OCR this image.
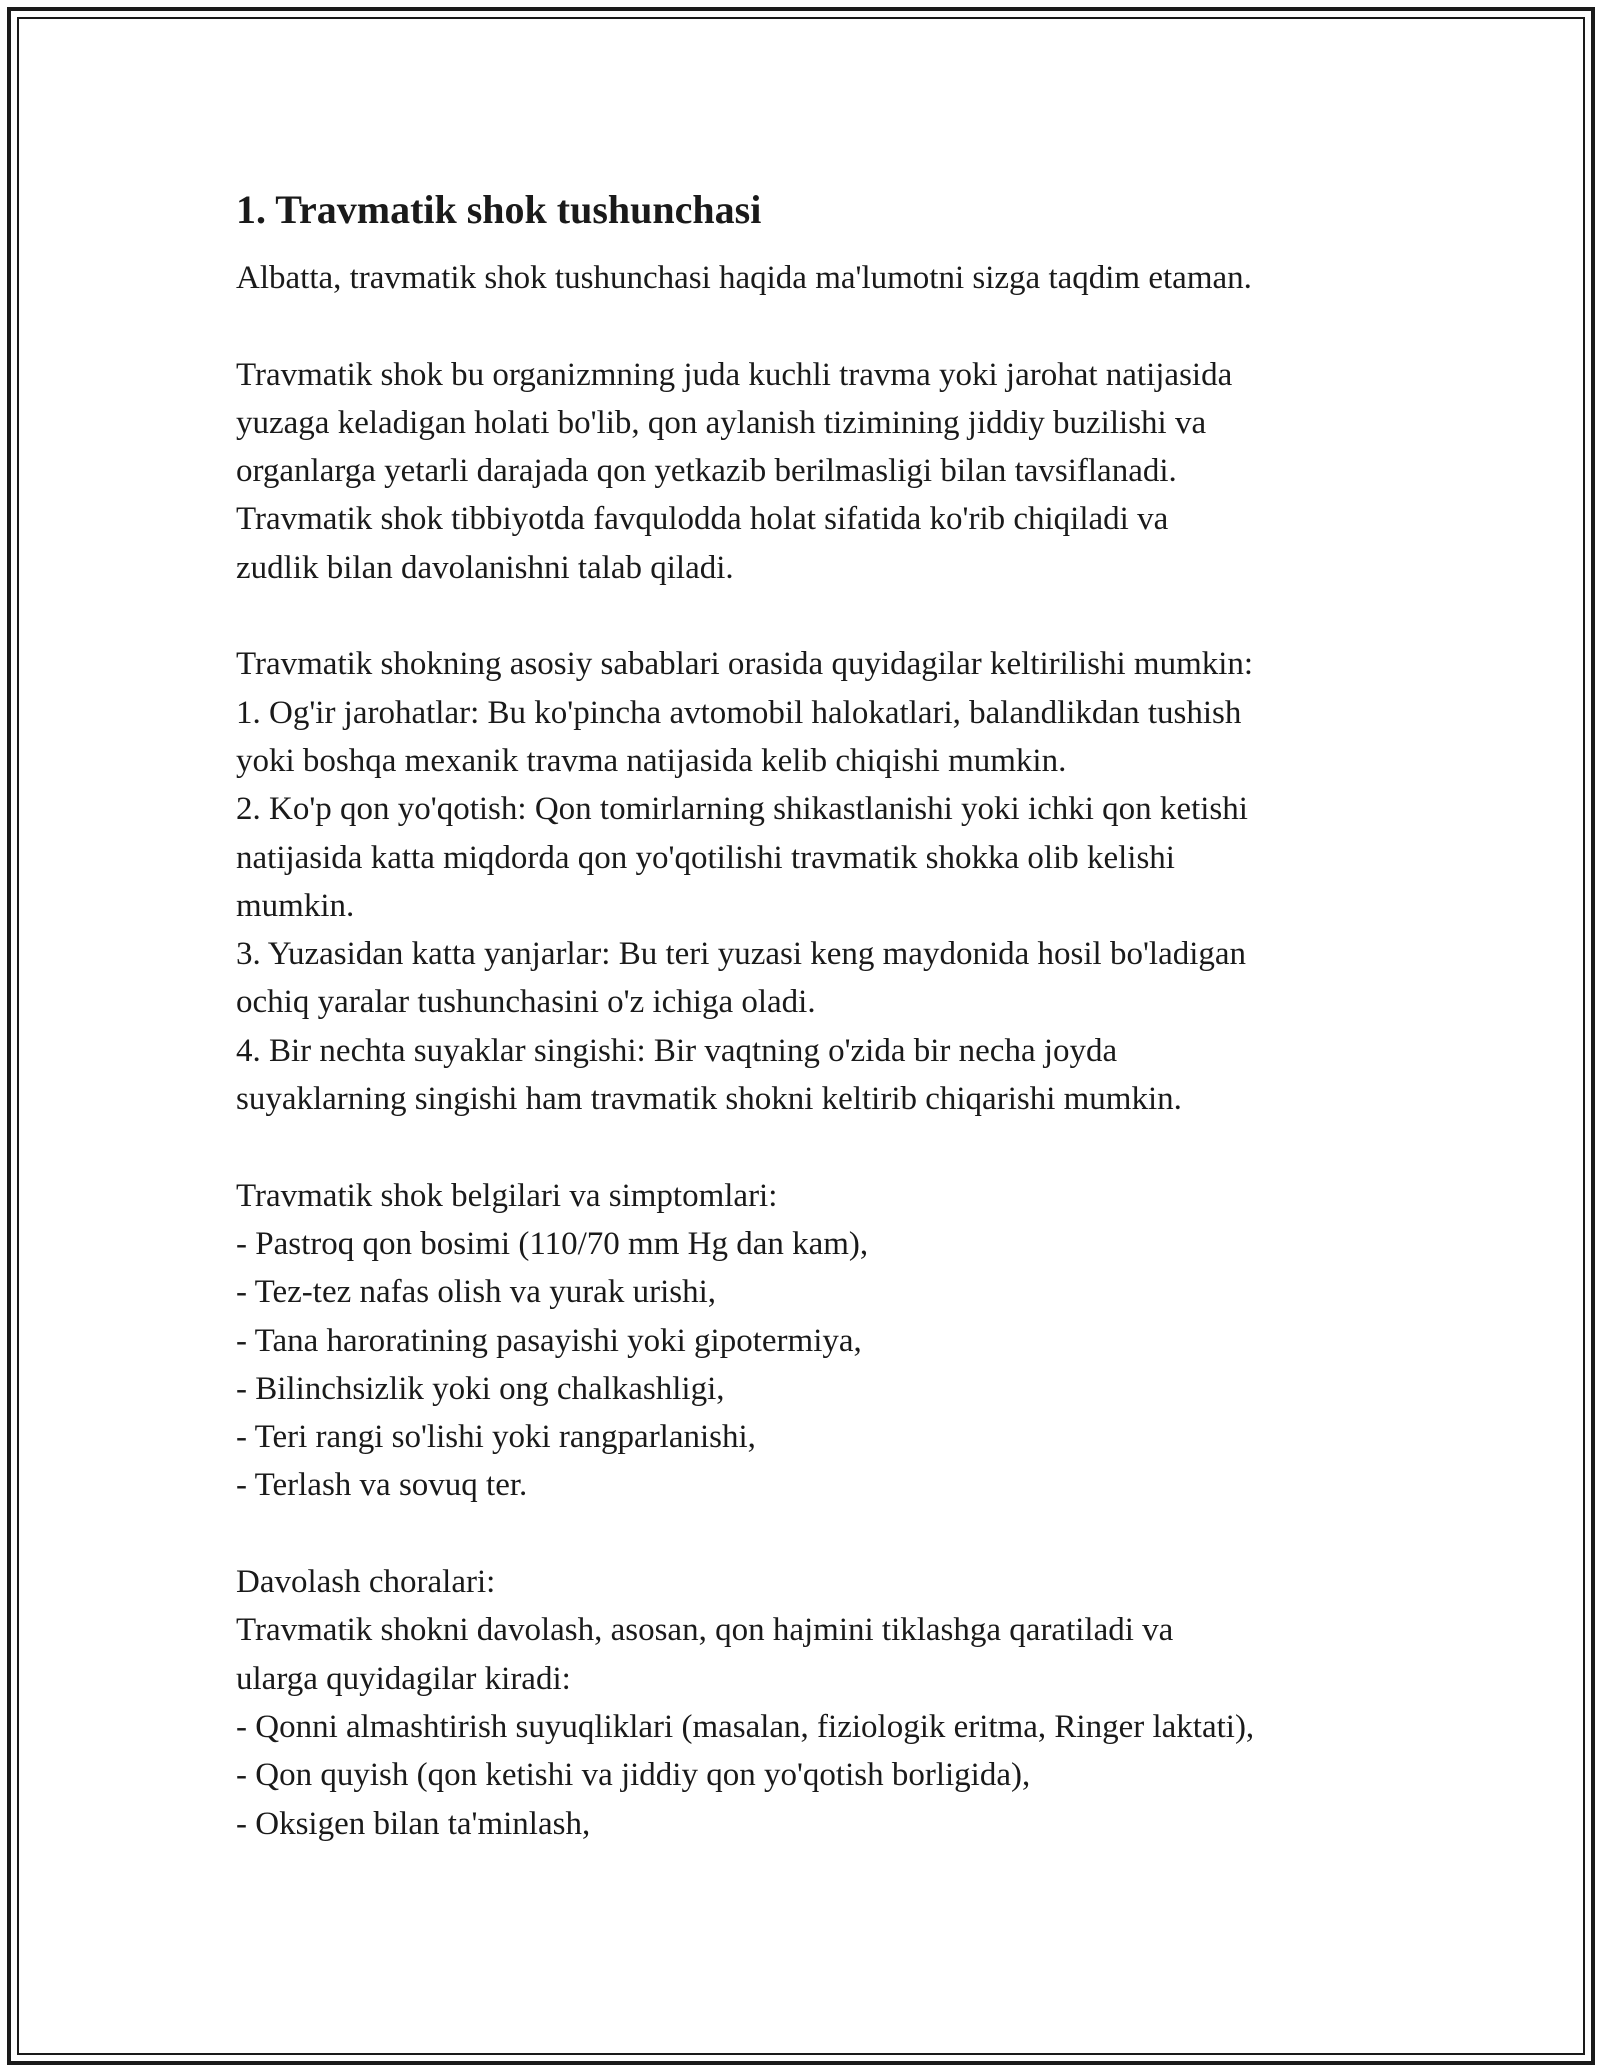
1. Travmatik shok tushunchasi

Albatta, travmatik shok tushunchasi haqida ma'lumotni sizga taqdim etaman.

Travmatik shok bu organizmning juda kuchli travma yoki jarohat natijasida
yuzaga keladigan holati bo'lib, qon aylanish tizimining jiddiy buzilishi va
organlarga yetarli darajada qon yetkazib berilmasligi bilan tavsiflanadi.
Travmatik shok tibbiyotda favqulodda holat sifatida ko'rib chiqiladi va
zudlik bilan davolanishni talab qiladi.

Travmatik shokning asosiy sabablari orasida quyidagilar keltirilishi mumkin:
1. Og'ir jarohatlar: Bu ko'pincha avtomobil halokatlari, balandlikdan tushish
yoki boshqa mexanik travma natijasida kelib chiqishi mumkin.
2. Ko'p qon yo'qotish: Qon tomirlarning shikastlanishi yoki ichki qon ketishi
natijasida katta miqdorda qon yo'qotilishi travmatik shokka olib kelishi
mumkin.
3. Yuzasidan katta yanjarlar: Bu teri yuzasi keng maydonida hosil bo'ladigan
ochiq yaralar tushunchasini o'z ichiga oladi.
4. Bir nechta suyaklar singishi: Bir vaqtning o'zida bir necha joyda
suyaklarning singishi ham travmatik shokni keltirib chiqarishi mumkin.

Travmatik shok belgilari va simptomlari:
- Pastroq qon bosimi (110/70 mm Hg dan kam),
- Tez-tez nafas olish va yurak urishi,
- Tana haroratining pasayishi yoki gipotermiya,
- Bilinchsizlik yoki ong chalkashligi,
- Teri rangi so'lishi yoki rangparlanishi,
- Terlash va sovuq ter.

Davolash choralari:
Travmatik shokni davolash, asosan, qon hajmini tiklashga qaratiladi va
ularga quyidagilar kiradi:
- Qonni almashtirish suyuqliklari (masalan, fiziologik eritma, Ringer laktati),
- Qon quyish (qon ketishi va jiddiy qon yo'qotish borligida),
- Oksigen bilan ta'minlash,
